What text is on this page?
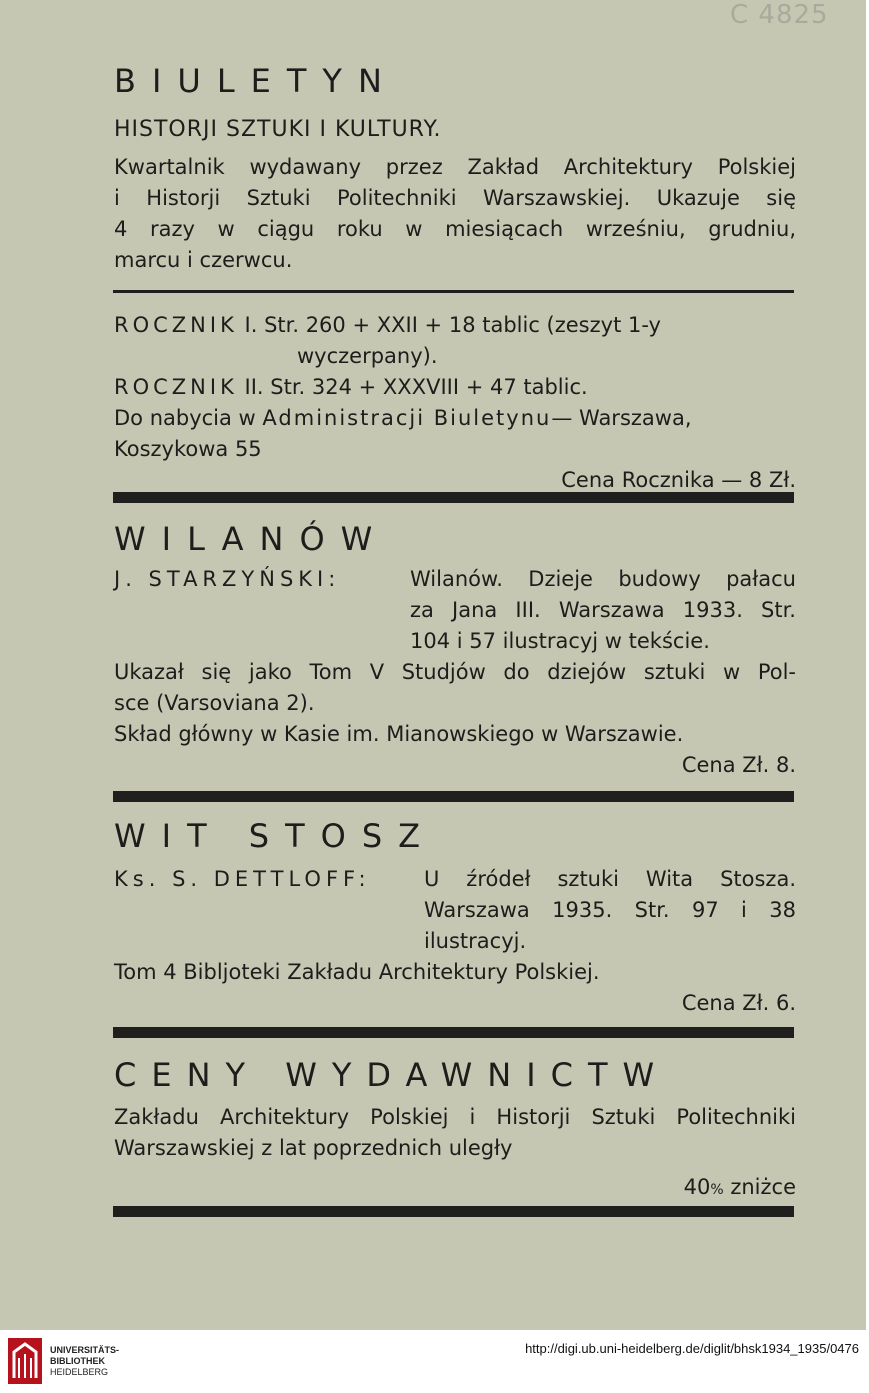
C 4825
BIULETYN
HISTORJI SZTUKI I KULTURY.
Kwartalnik wydawany przez Zakład Architektury Polskiej
i Historji Sztuki Politechniki Warszawskiej. Ukazuje się
4 razy w ciągu roku w miesiącach wrześniu, grudniu,
marcu i czerwcu.
ROCZNIK I. Str. 260 + XXII + 18 tablic (zeszyt 1-y
wyczerpany).
ROCZNIK II. Str. 324 + XXXVIII + 47 tablic.
Do nabycia w Administracji Biuletynu— Warszawa,
Koszykowa 55
Cena Rocznika — 8 Zł.
WILANÓW
J. STARZYŃSKI:	Wilanów. Dzieje budowy pałacu
za Jana III. Warszawa 1933. Str.
104 i 57 ilustracyj w tekście.
Ukazał się jako Tom V Studjów do dziejów sztuki w Pol-
sce (Varsoviana 2).
Skład główny w Kasie im. Mianowskiego w Warszawie.
Cena Zł. 8.
WIT STOSZ
Ks. S. DETTLOFF:	U źródeł sztuki Wita Stosza.
Warszawa 1935. Str. 97 i 38
ilustracyj.
Tom 4 Bibljoteki Zakładu Architektury Polskiej.
Cena Zł. 6.
CENY WYDAWNICTW
Zakładu Architektury Polskiej i Historji Sztuki Politechniki
Warszawskiej z lat poprzednich uległy
40% zniżce
UNIVERSITÄTS-
BIBLIOTHEK
HEIDELBERG
http://digi.ub.uni-heidelberg.de/diglit/bhsk1934_1935/0476
